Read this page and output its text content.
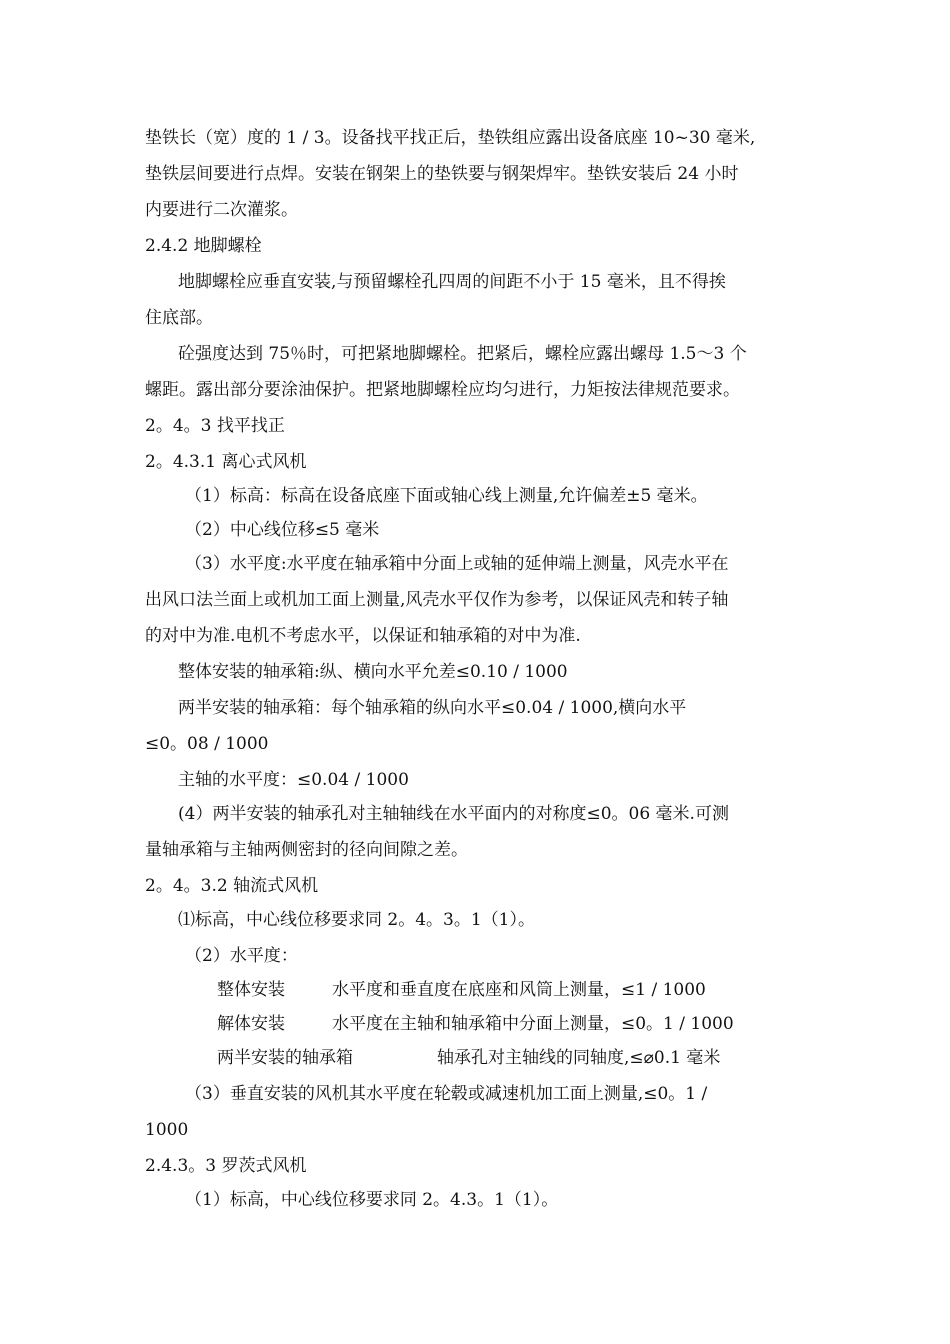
垫铁长（宽）度的 1 / 3。设备找平找正后，垫铁组应露出设备底座 10~30 毫米,
垫铁层间要进行点焊。安装在钢架上的垫铁要与钢架焊牢。垫铁安装后 24 小时
内要进行二次灌浆。
2.4.2 地脚螺栓
地脚螺栓应垂直安装,与预留螺栓孔四周的间距不小于 15 毫米，且不得挨
住底部。
砼强度达到 75％时，可把紧地脚螺栓。把紧后，螺栓应露出螺母 1.5～3 个
螺距。露出部分要涂油保护。把紧地脚螺栓应均匀进行，力矩按法律规范要求。
2。4。3 找平找正
2。4.3.1 离心式风机
（1）标高：标高在设备底座下面或轴心线上测量,允许偏差±5 毫米。
（2）中心线位移≤5 毫米
（3）水平度:水平度在轴承箱中分面上或轴的延伸端上测量，风壳水平在
出风口法兰面上或机加工面上测量,风壳水平仅作为参考，以保证风壳和转子轴
的对中为准.电机不考虑水平，以保证和轴承箱的对中为准.
整体安装的轴承箱:纵、横向水平允差≤0.10 / 1000
两半安装的轴承箱：每个轴承箱的纵向水平≤0.04 / 1000,横向水平
≤0。08 / 1000
主轴的水平度：≤0.04 / 1000
(4）两半安装的轴承孔对主轴轴线在水平面内的对称度≤0。06 毫米.可测
量轴承箱与主轴两侧密封的径向间隙之差。
2。4。3.2 轴流式风机
⑴标高，中心线位移要求同 2。4。3。1（1）。
（2）水平度：
整体安装	水平度和垂直度在底座和风筒上测量，≤1 / 1000
解体安装	水平度在主轴和轴承箱中分面上测量，≤0。1 / 1000
两半安装的轴承箱	轴承孔对主轴线的同轴度,≤⌀0.1 毫米
（3）垂直安装的风机其水平度在轮毂或减速机加工面上测量,≤0。1 /
1000
2.4.3。3 罗茨式风机
（1）标高，中心线位移要求同 2。4.3。1（1）。
